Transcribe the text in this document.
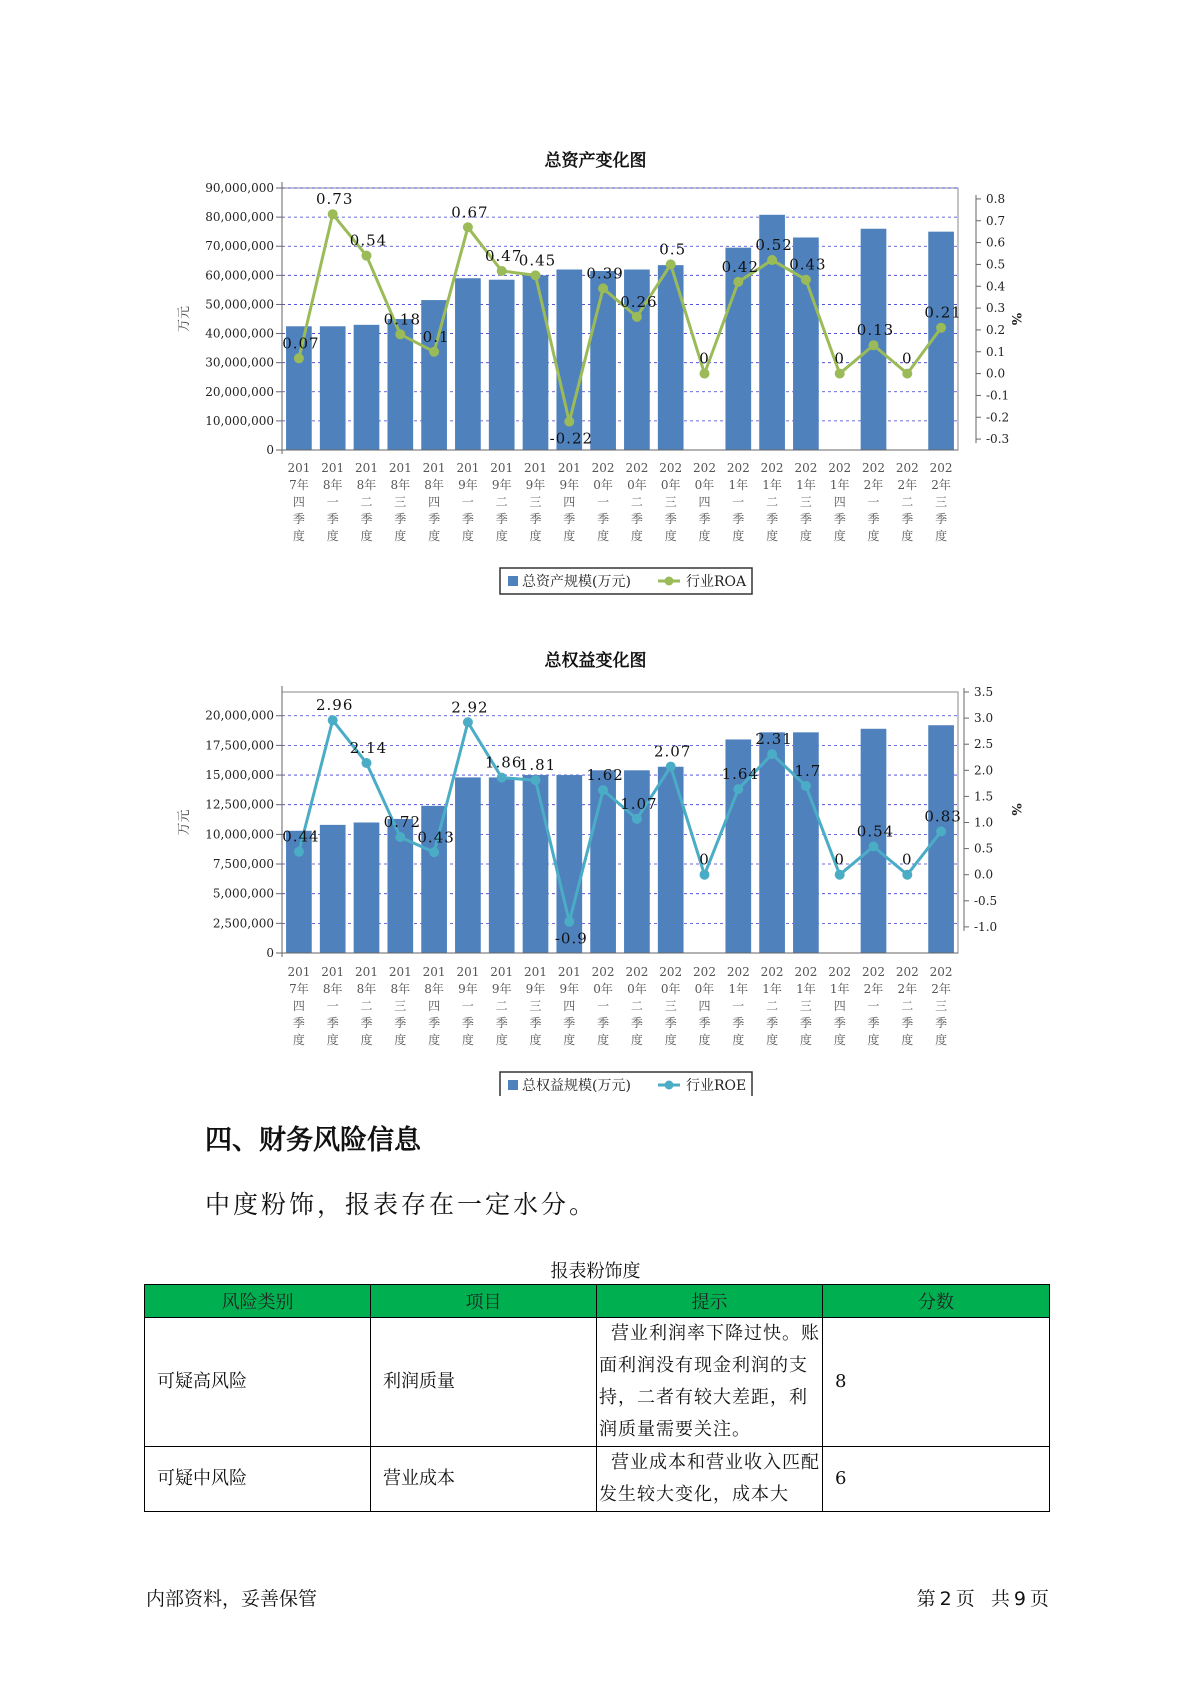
总资产变化图
0
10,000,000
20,000,000
30,000,000
40,000,000
50,000,000
60,000,000
70,000,000
80,000,000
90,000,000
万元
-0.3
-0.2
-0.1
0.0
0.1
0.2
0.3
0.4
0.5
0.6
0.7
0.8
%
0.07
0.73
0.54
0.18
0.1
0.67
0.47
0.45
-0.22
0.39
0.26
0.5
0
0.42
0.52
0.43
0
0.13
0
0.21
201 7年四季度
201 8年一季度
201 8年二季度
201 8年三季度
201 8年四季度
201 9年一季度
201 9年二季度
201 9年三季度
201 9年四季度
202 0年一季度
202 0年二季度
202 0年三季度
202 0年四季度
202 1年一季度
202 1年二季度
202 1年三季度
202 1年四季度
202 2年一季度
202 2年二季度
202 2年三季度
总资产规模(万元)	行业ROA
总权益变化图
0
2,500,000
5,000,000
7,500,000
10,000,000
12,500,000
15,000,000
17,500,000
20,000,000
万元
-1.0
-0.5
0.0
0.5
1.0
1.5
2.0
2.5
3.0
3.5
%
0.44
2.96
2.14
0.72
0.43
2.92
1.86
1.81
-0.9
1.62
1.07
2.07
0
1.64
2.31
1.7
0
0.54
0
0.83
201 7年四季度
201 8年一季度
201 8年二季度
201 8年三季度
201 8年四季度
201 9年一季度
201 9年二季度
201 9年三季度
201 9年四季度
202 0年一季度
202 0年二季度
202 0年三季度
202 0年四季度
202 1年一季度
202 1年二季度
202 1年三季度
202 1年四季度
202 2年一季度
202 2年二季度
202 2年三季度
总权益规模(万元)	行业ROE
四、财务风险信息

中度粉饰，报表存在一定水分。

报表粉饰度
风险类别	项目	提示	分数
可疑高风险	利润质量	营业利润率下降过快。账面利润没有现金利润的支持，二者有较大差距，利润质量需要关注。	8
可疑中风险	营业成本	营业成本和营业收入匹配发生较大变化，成本大	6
内部资料，妥善保管	第 2 页 共 9 页
